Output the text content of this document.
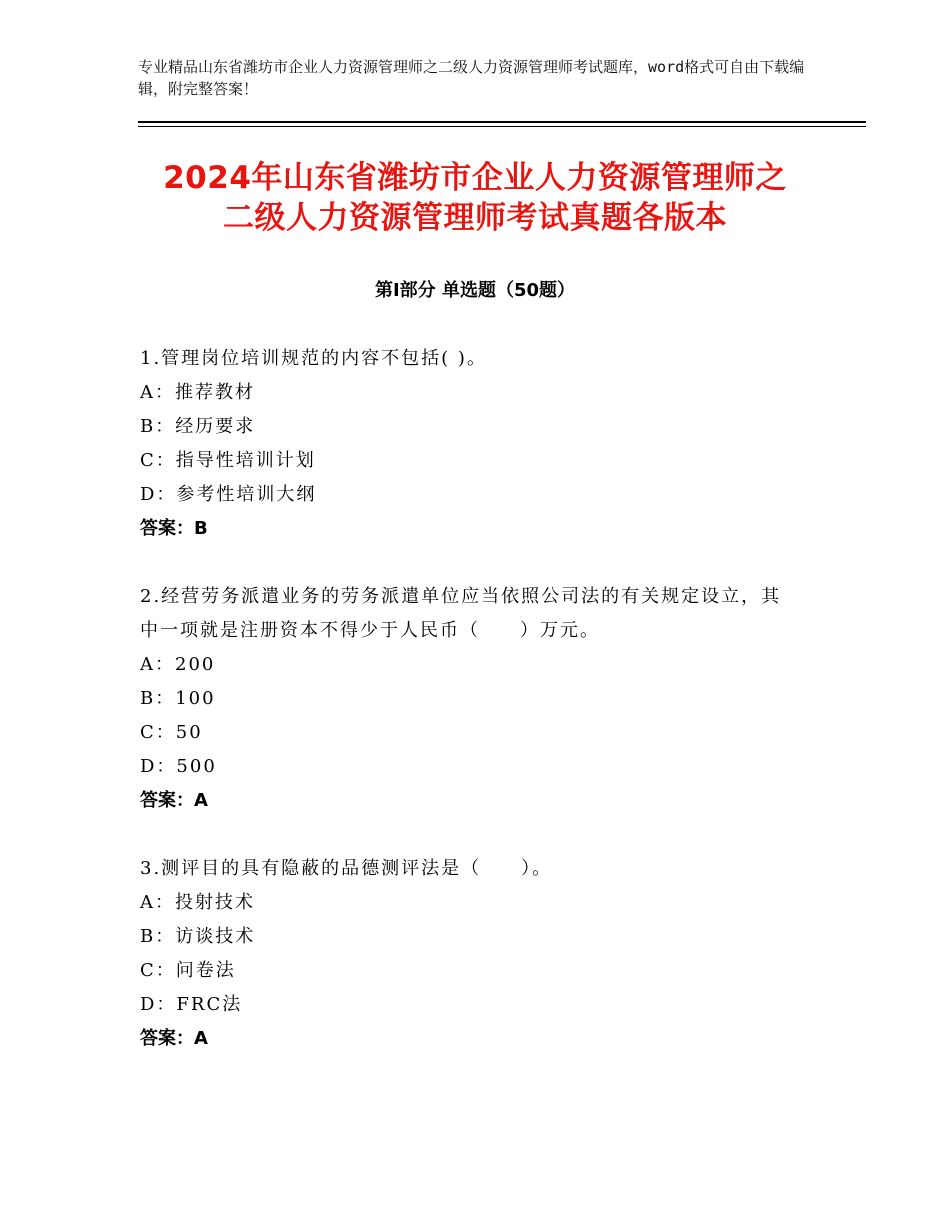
专业精品山东省潍坊市企业人力资源管理师之二级人力资源管理师考试题库，word格式可自由下载编辑，附完整答案！
2024年山东省潍坊市企业人力资源管理师之
二级人力资源管理师考试真题各版本
第Ⅰ部分 单选题（50题）
1.管理岗位培训规范的内容不包括( )。
A：推荐教材
B：经历要求
C：指导性培训计划
D：参考性培训大纲
答案：B
2.经营劳务派遣业务的劳务派遣单位应当依照公司法的有关规定设立，其中一项就是注册资本不得少于人民币（　　）万元。
A：200
B：100
C：50
D：500
答案：A
3.测评目的具有隐蔽的品德测评法是（　　）。
A：投射技术
B：访谈技术
C：问卷法
D：FRC法
答案：A
